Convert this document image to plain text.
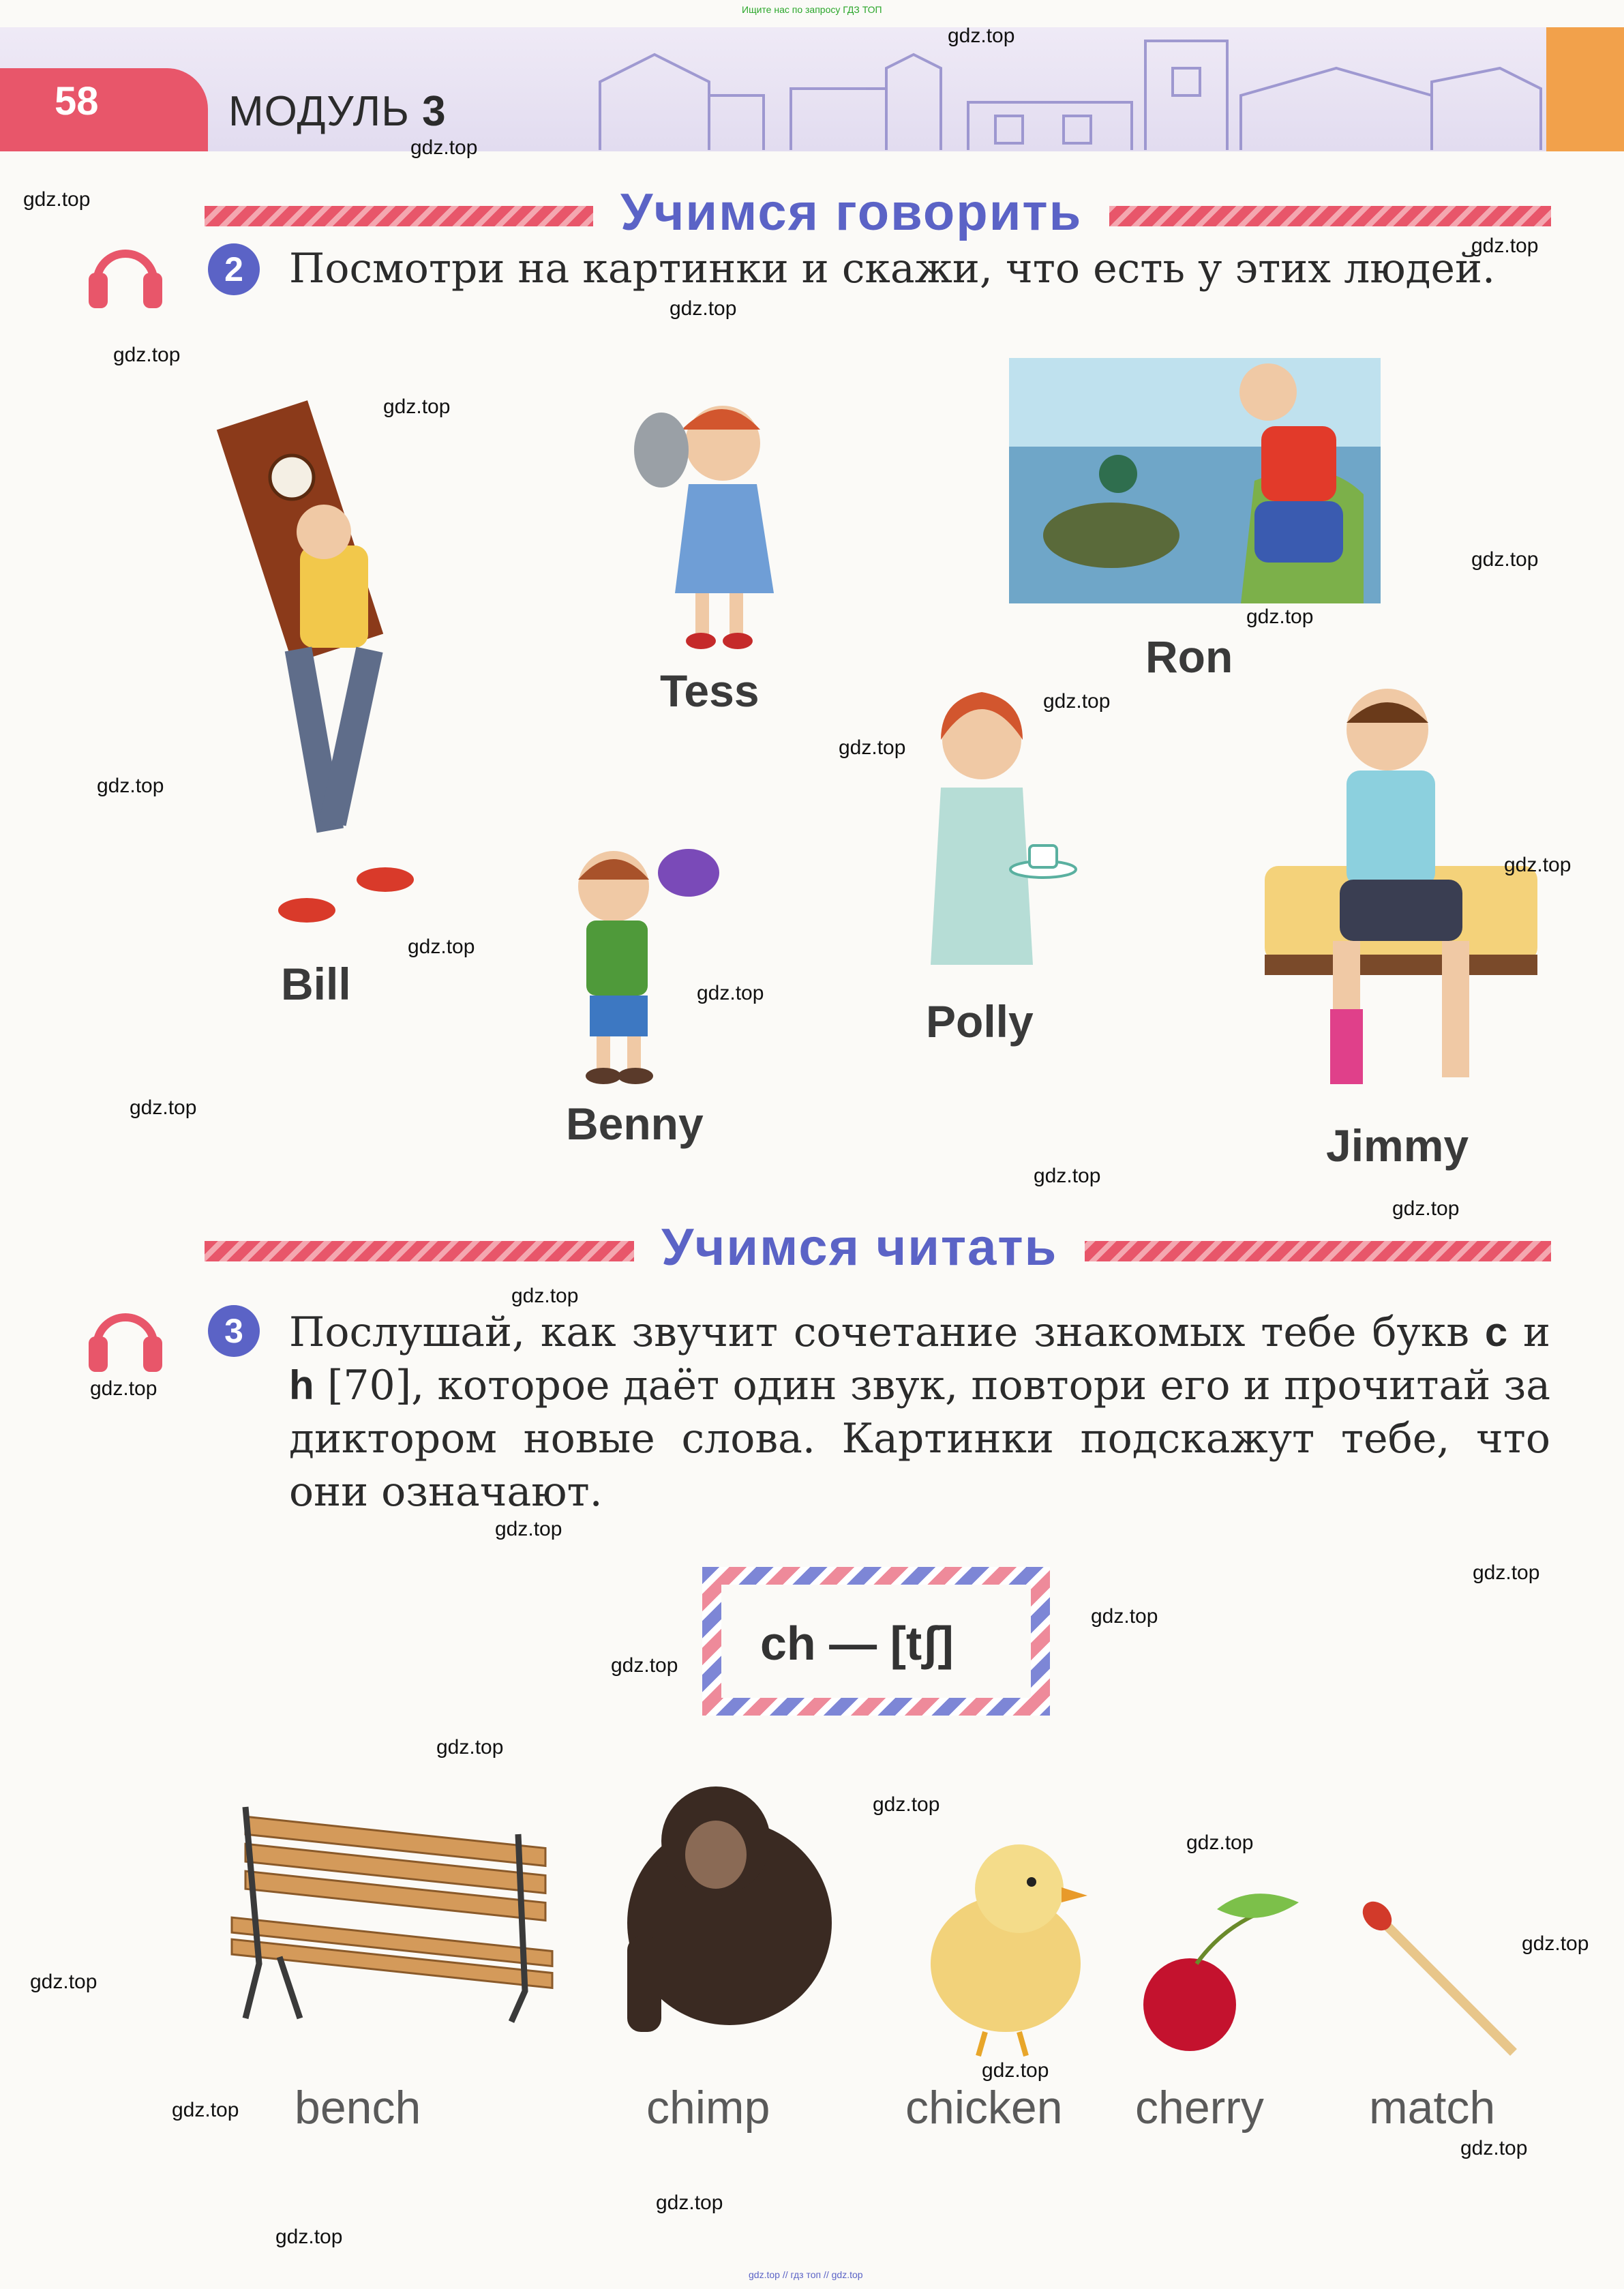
Ищите нас по запросу ГДЗ ТОП
58	МОДУЛЬ 3
Учимся говорить
2	Посмотри на картинки и скажи, что есть у этих людей.
Tess
Ron
Bill
Benny
Polly
Jimmy
Учимся читать
3	Послушай, как звучит сочетание знакомых тебе букв c и h [70], которое даёт один звук, повтори его и прочитай за диктором новые слова. Картинки подскажут тебе, что они означают.
ch — [tʃ]
bench	chimp	chicken cherry match
gdz.top
gdz.top
gdz.top
gdz.top
gdz.top
gdz.top
gdz.top
gdz.top
gdz.top
gdz.top
gdz.top
gdz.top
gdz.top
gdz.top
gdz.top
gdz.top
gdz.top
gdz.top
gdz.top
gdz.top
gdz.top
gdz.top
gdz.top
gdz.top
gdz.top
gdz.top
gdz.top
gdz.top
gdz.top
gdz.top
gdz.top
gdz.top
gdz.top
gdz.top
gdz.top // гдз топ // gdz.top
